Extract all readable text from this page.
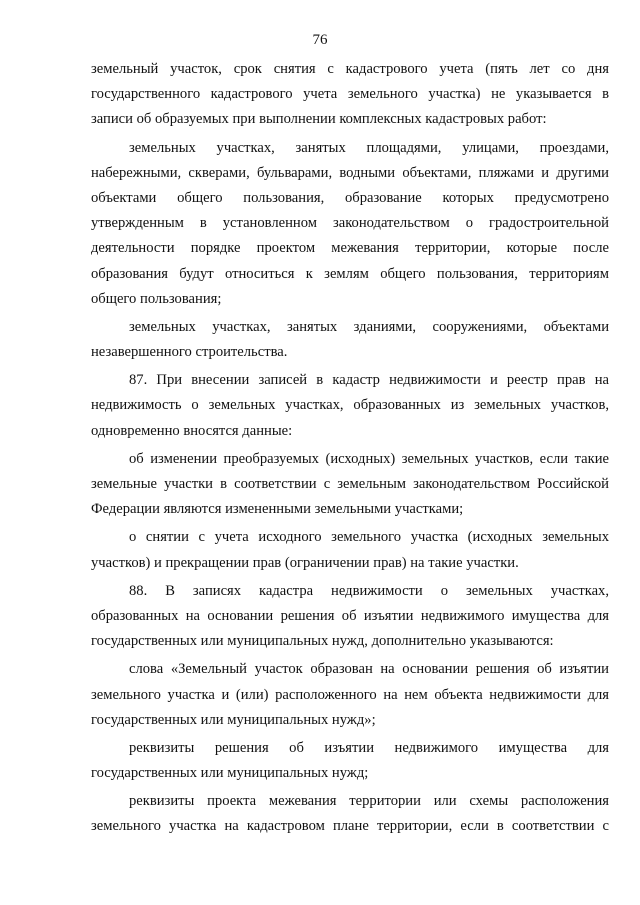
76
земельный участок, срок снятия с кадастрового учета (пять лет со дня
государственного кадастрового учета земельного участка) не указывается в
записи об образуемых при выполнении комплексных кадастровых работ:
земельных участках, занятых площадями, улицами, проездами,
набережными, скверами, бульварами, водными объектами, пляжами и другими
объектами общего пользования, образование которых предусмотрено
утвержденным в установленном законодательством о градостроительной
деятельности порядке проектом межевания территории, которые после
образования будут относиться к землям общего пользования, территориям
общего пользования;
земельных участках, занятых зданиями, сооружениями, объектами
незавершенного строительства.
87. При внесении записей в кадастр недвижимости и реестр прав на
недвижимость о земельных участках, образованных из земельных участков,
одновременно вносятся данные:
об изменении преобразуемых (исходных) земельных участков, если такие
земельные участки в соответствии с земельным законодательством Российской
Федерации являются измененными земельными участками;
о снятии с учета исходного земельного участка (исходных земельных
участков) и прекращении прав (ограничении прав) на такие участки.
88. В записях кадастра недвижимости о земельных участках,
образованных на основании решения об изъятии недвижимого имущества для
государственных или муниципальных нужд, дополнительно указываются:
слова «Земельный участок образован на основании решения об изъятии
земельного участка и (или) расположенного на нем объекта недвижимости для
государственных или муниципальных нужд»;
реквизиты решения об изъятии недвижимого имущества для
государственных или муниципальных нужд;
реквизиты проекта межевания территории или схемы расположения
земельного участка на кадастровом плане территории, если в соответствии с
